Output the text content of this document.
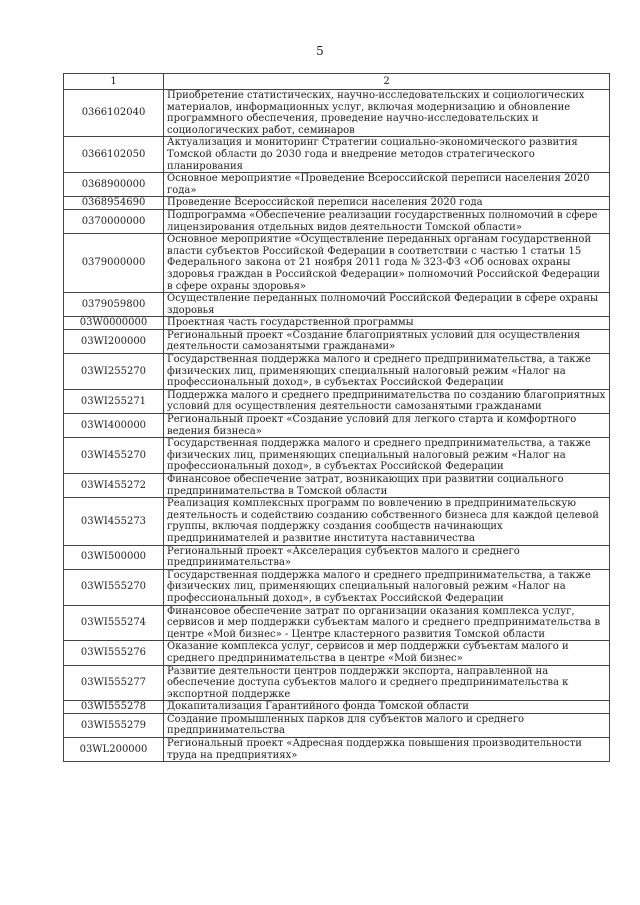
5
1	2
0366102040	Приобретение статистических, научно-исследовательских и социологических материалов, информационных услуг, включая модернизацию и обновление программного обеспечения, проведение научно-исследовательских и социологических работ, семинаров
0366102050	Актуализация и мониторинг Стратегии социально-экономического развития Томской области до 2030 года и внедрение методов стратегического планирования
0368900000	Основное мероприятие «Проведение Всероссийской переписи населения 2020 года»
0368954690	Проведение Всероссийской переписи населения 2020 года
0370000000	Подпрограмма «Обеспечение реализации государственных полномочий в сфере лицензирования отдельных видов деятельности Томской области»
0379000000	Основное мероприятие «Осуществление переданных органам государственной власти субъектов Российской Федерации в соответствии с частью 1 статьи 15 Федерального закона от 21 ноября 2011 года № 323-ФЗ «Об основах охраны здоровья граждан в Российской Федерации» полномочий Российской Федерации в сфере охраны здоровья»
0379059800	Осуществление переданных полномочий Российской Федерации в сфере охраны здоровья
03W0000000	Проектная часть государственной программы
03WI200000	Региональный проект «Создание благоприятных условий для осуществления деятельности самозанятыми гражданами»
03WI255270	Государственная поддержка малого и среднего предпринимательства, а также физических лиц, применяющих специальный налоговый режим «Налог на профессиональный доход», в субъектах Российской Федерации
03WI255271	Поддержка малого и среднего предпринимательства по созданию благоприятных условий для осуществления деятельности самозанятыми гражданами
03WI400000	Региональный проект «Создание условий для легкого старта и комфортного ведения бизнеса»
03WI455270	Государственная поддержка малого и среднего предпринимательства, а также физических лиц, применяющих специальный налоговый режим «Налог на профессиональный доход», в субъектах Российской Федерации
03WI455272	Финансовое обеспечение затрат, возникающих при развитии социального предпринимательства в Томской области
03WI455273	Реализация комплексных программ по вовлечению в предпринимательскую деятельность и содействию созданию собственного бизнеса для каждой целевой группы, включая поддержку создания сообществ начинающих предпринимателей и развитие института наставничества
03WI500000	Региональный проект «Акселерация субъектов малого и среднего предпринимательства»
03WI555270	Государственная поддержка малого и среднего предпринимательства, а также физических лиц, применяющих специальный налоговый режим «Налог на профессиональный доход», в субъектах Российской Федерации
03WI555274	Финансовое обеспечение затрат по организации оказания комплекса услуг, сервисов и мер поддержки субъектам малого и среднего предпринимательства в центре «Мой бизнес» - Центре кластерного развития Томской области
03WI555276	Оказание комплекса услуг, сервисов и мер поддержки субъектам малого и среднего предпринимательства в центре «Мой бизнес»
03WI555277	Развитие деятельности центров поддержки экспорта, направленной на обеспечение доступа субъектов малого и среднего предпринимательства к экспортной поддержке
03WI555278	Докапитализация Гарантийного фонда Томской области
03WI555279	Создание промышленных парков для субъектов малого и среднего предпринимательства
03WL200000	Региональный проект «Адресная поддержка повышения производительности труда на предприятиях»
